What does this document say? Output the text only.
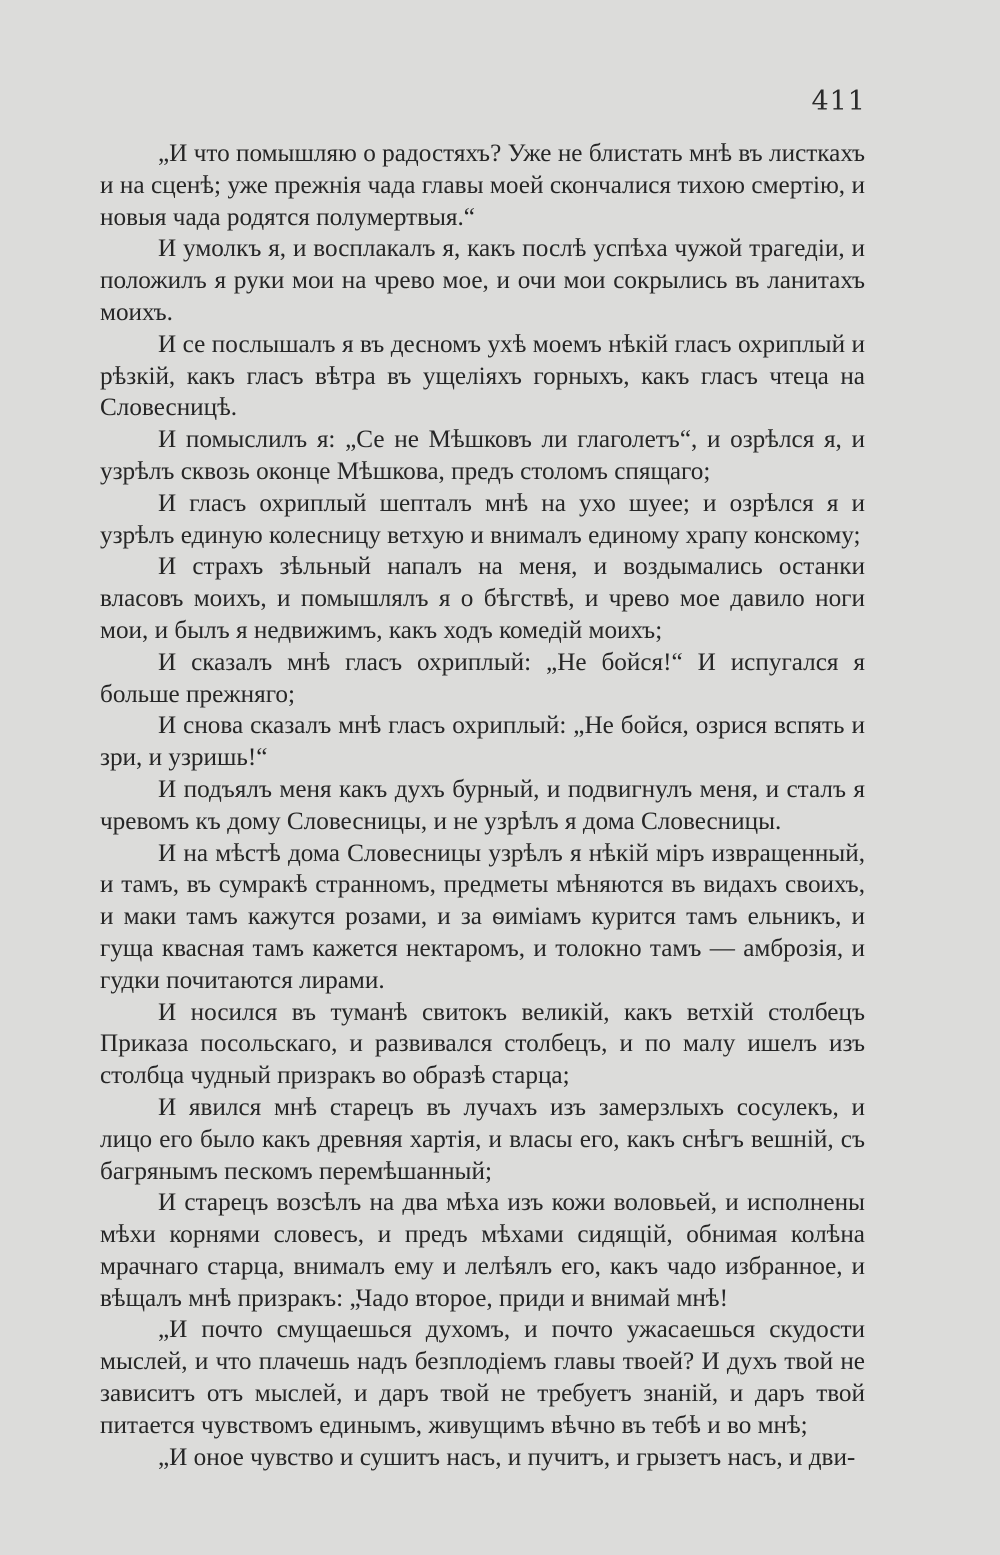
411

„И что помышляю о радостяхъ? Уже не блистать мнѣ въ листкахъ и на сценѣ; уже прежнія чада главы моей скончалися тихою смертію, и новыя чада родятся полумертвыя.“

И умолкъ я, и восплакалъ я, какъ послѣ успѣха чужой трагедіи, и положилъ я руки мои на чрево мое, и очи мои сокрылись въ ланитахъ моихъ.

И се послышалъ я въ десномъ ухѣ моемъ нѣкій гласъ охриплый и рѣзкій, какъ гласъ вѣтра въ ущеліяхъ горныхъ, какъ гласъ чтеца на Словесницѣ.

И помыслилъ я: „Се не Мѣшковъ ли глаголетъ“, и озрѣлся я, и узрѣлъ сквозь оконце Мѣшкова, предъ столомъ спящаго;

И гласъ охриплый шепталъ мнѣ на ухо шуее; и озрѣлся я и узрѣлъ единую колесницу ветхую и внималъ единому храпу конскому;

И страхъ зѣльный напалъ на меня, и воздымались останки власовъ моихъ, и помышлялъ я о бѣгствѣ, и чрево мое давило ноги мои, и былъ я недвижимъ, какъ ходъ комедій моихъ;

И сказалъ мнѣ гласъ охриплый: „Не бойся!“ И испугался я больше прежняго;

И снова сказалъ мнѣ гласъ охриплый: „Не бойся, озрися вспять и зри, и узришь!“

И подъялъ меня какъ духъ бурный, и подвигнулъ меня, и сталъ я чревомъ къ дому Словесницы, и не узрѣлъ я дома Словесницы.

И на мѣстѣ дома Словесницы узрѣлъ я нѣкій міръ извращенный, и тамъ, въ сумракѣ странномъ, предметы мѣняются въ видахъ своихъ, и маки тамъ кажутся розами, и за ѳиміамъ курится тамъ ельникъ, и гуща квасная тамъ кажется нектаромъ, и толокно тамъ — амброзія, и гудки почитаются лирами.

И носился въ туманѣ свитокъ великій, какъ ветхій столбецъ Приказа посольскаго, и развивался столбецъ, и по малу ишелъ изъ столбца чудный призракъ во образѣ старца;

И явился мнѣ старецъ въ лучахъ изъ замерзлыхъ сосулекъ, и лицо его было какъ древняя хартія, и власы его, какъ снѣгъ вешній, съ багрянымъ пескомъ перемѣшанный;

И старецъ возсѣлъ на два мѣха изъ кожи воловьей, и исполнены мѣхи корнями словесъ, и предъ мѣхами сидящій, обнимая колѣна мрачнаго старца, внималъ ему и лелѣялъ его, какъ чадо избранное, и вѣщалъ мнѣ призракъ: „Чадо второе, приди и внимай мнѣ!

„И почто смущаешься духомъ, и почто ужасаешься скудости мыслей, и что плачешь надъ безплодіемъ главы твоей? И духъ твой не зависитъ отъ мыслей, и даръ твой не требуетъ знаній, и даръ твой питается чувствомъ единымъ, живущимъ вѣчно въ тебѣ и во мнѣ;

„И оное чувство и сушитъ насъ, и пучитъ, и грызетъ насъ, и дви-
